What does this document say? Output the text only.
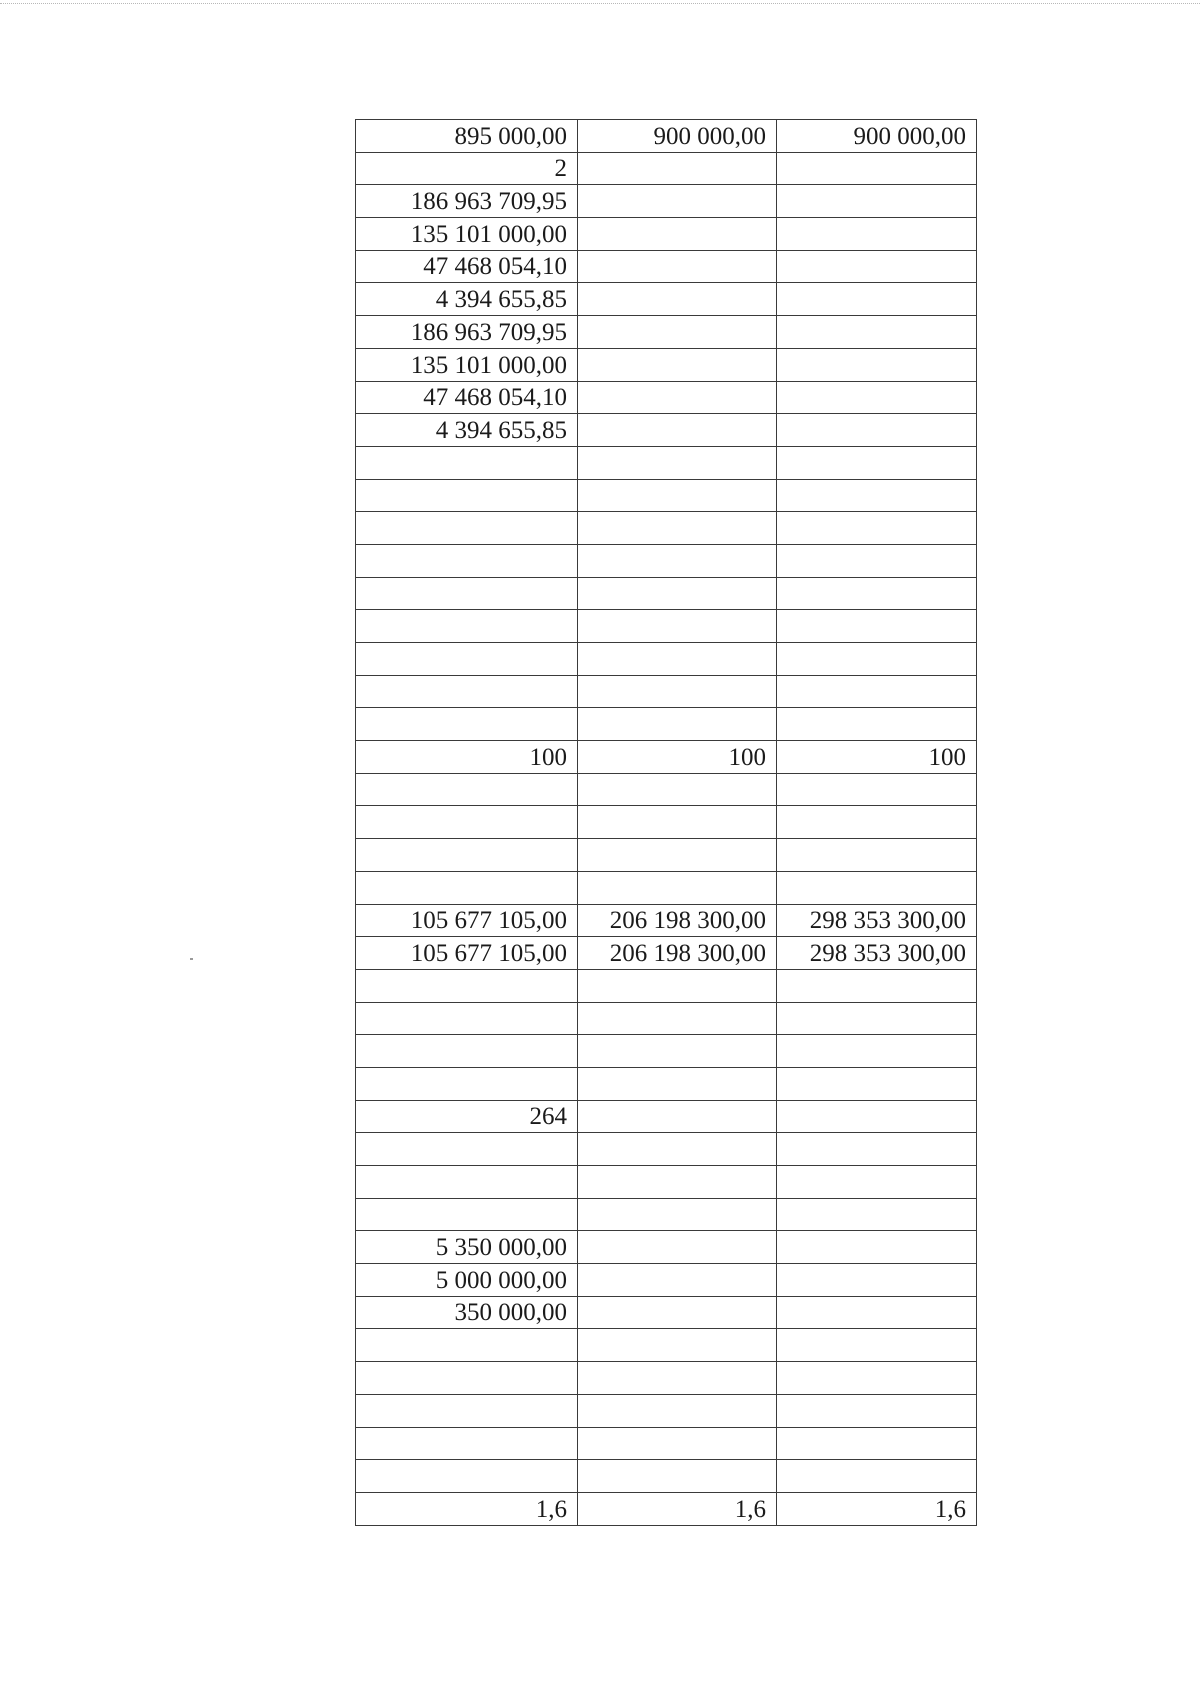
895 000,00	900 000,00	900 000,00
2		
186 963 709,95		
135 101 000,00		
47 468 054,10		
4 394 655,85		
186 963 709,95		
135 101 000,00		
47 468 054,10		
4 394 655,85		

100	100	100

105 677 105,00	206 198 300,00	298 353 300,00
105 677 105,00	206 198 300,00	298 353 300,00

264		

5 350 000,00		
5 000 000,00		
350 000,00		

1,6	1,6	1,6
